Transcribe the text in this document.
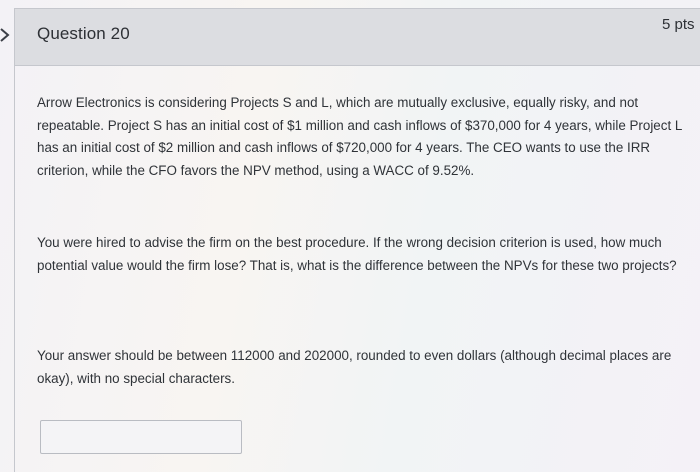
Question 20	5 pts

Arrow Electronics is considering Projects S and L, which are mutually exclusive, equally risky, and not repeatable. Project S has an initial cost of $1 million and cash inflows of $370,000 for 4 years, while Project L has an initial cost of $2 million and cash inflows of $720,000 for 4 years. The CEO wants to use the IRR criterion, while the CFO favors the NPV method, using a WACC of 9.52%.

You were hired to advise the firm on the best procedure. If the wrong decision criterion is used, how much potential value would the firm lose? That is, what is the difference between the NPVs for these two projects?

Your answer should be between 112000 and 202000, rounded to even dollars (although decimal places are okay), with no special characters.
